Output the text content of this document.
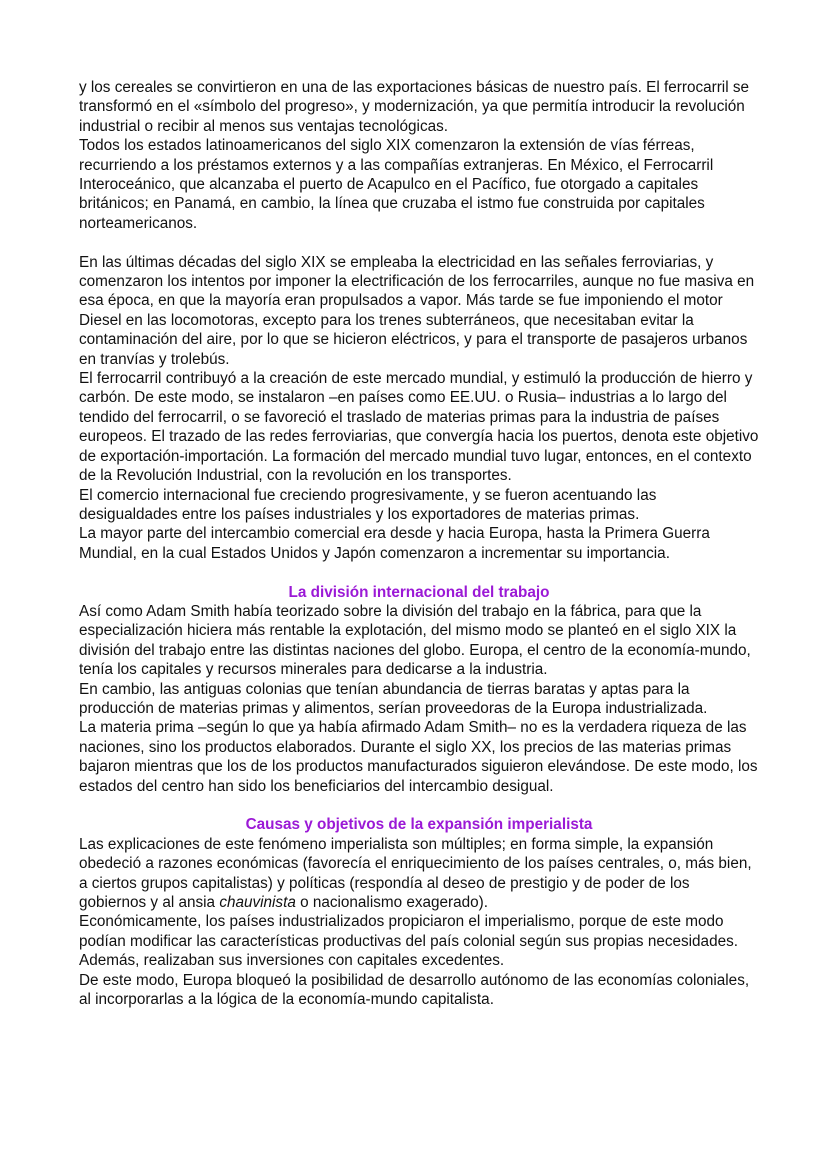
y los cereales se convirtieron en una de las exportaciones básicas de nuestro país. El ferrocarril se transformó en el «símbolo del progreso», y modernización, ya que permitía introducir la revolución industrial o recibir al menos sus ventajas tecnológicas.

Todos los estados latinoamericanos del siglo XIX comenzaron la extensión de vías férreas, recurriendo a los préstamos externos y a las compañías extranjeras. En México, el Ferrocarril Interoceánico, que alcanzaba el puerto de Acapulco en el Pacífico, fue otorgado a capitales británicos; en Panamá, en cambio, la línea que cruzaba el istmo fue construida por capitales norteamericanos.

En las últimas décadas del siglo XIX se empleaba la electricidad en las señales ferroviarias, y comenzaron los intentos por imponer la electrificación de los ferrocarriles, aunque no fue masiva en esa época, en que la mayoría eran propulsados a vapor. Más tarde se fue imponiendo el motor Diesel en las locomotoras, excepto para los trenes subterráneos, que necesitaban evitar la contaminación del aire, por lo que se hicieron eléctricos, y para el transporte de pasajeros urbanos en tranvías y trolebús.

El ferrocarril contribuyó a la creación de este mercado mundial, y estimuló la producción de hierro y carbón. De este modo, se instalaron –en países como EE.UU. o Rusia– industrias a lo largo del tendido del ferrocarril, o se favoreció el traslado de materias primas para la industria de países europeos. El trazado de las redes ferroviarias, que convergía hacia los puertos, denota este objetivo de exportación-importación. La formación del mercado mundial tuvo lugar, entonces, en el contexto de la Revolución Industrial, con la revolución en los transportes.

El comercio internacional fue creciendo progresivamente, y se fueron acentuando las desigualdades entre los países industriales y los exportadores de materias primas.

La mayor parte del intercambio comercial era desde y hacia Europa, hasta la Primera Guerra Mundial, en la cual Estados Unidos y Japón comenzaron a incrementar su importancia.

La división internacional del trabajo

Así como Adam Smith había teorizado sobre la división del trabajo en la fábrica, para que la especialización hiciera más rentable la explotación, del mismo modo se planteó en el siglo XIX la división del trabajo entre las distintas naciones del globo. Europa, el centro de la economía-mundo, tenía los capitales y recursos minerales para dedicarse a la industria.

En cambio, las antiguas colonias que tenían abundancia de tierras baratas y aptas para la producción de materias primas y alimentos, serían proveedoras de la Europa industrializada.

La materia prima –según lo que ya había afirmado Adam Smith– no es la verdadera riqueza de las naciones, sino los productos elaborados. Durante el siglo XX, los precios de las materias primas bajaron mientras que los de los productos manufacturados siguieron elevándose. De este modo, los estados del centro han sido los beneficiarios del intercambio desigual.

Causas y objetivos de la expansión imperialista

Las explicaciones de este fenómeno imperialista son múltiples; en forma simple, la expansión obedeció a razones económicas (favorecía el enriquecimiento de los países centrales, o, más bien, a ciertos grupos capitalistas) y políticas (respondía al deseo de prestigio y de poder de los gobiernos y al ansia chauvinista o nacionalismo exagerado).

Económicamente, los países industrializados propiciaron el imperialismo, porque de este modo podían modificar las características productivas del país colonial según sus propias necesidades. Además, realizaban sus inversiones con capitales excedentes.

De este modo, Europa bloqueó la posibilidad de desarrollo autónomo de las economías coloniales, al incorporarlas a la lógica de la economía-mundo capitalista.
